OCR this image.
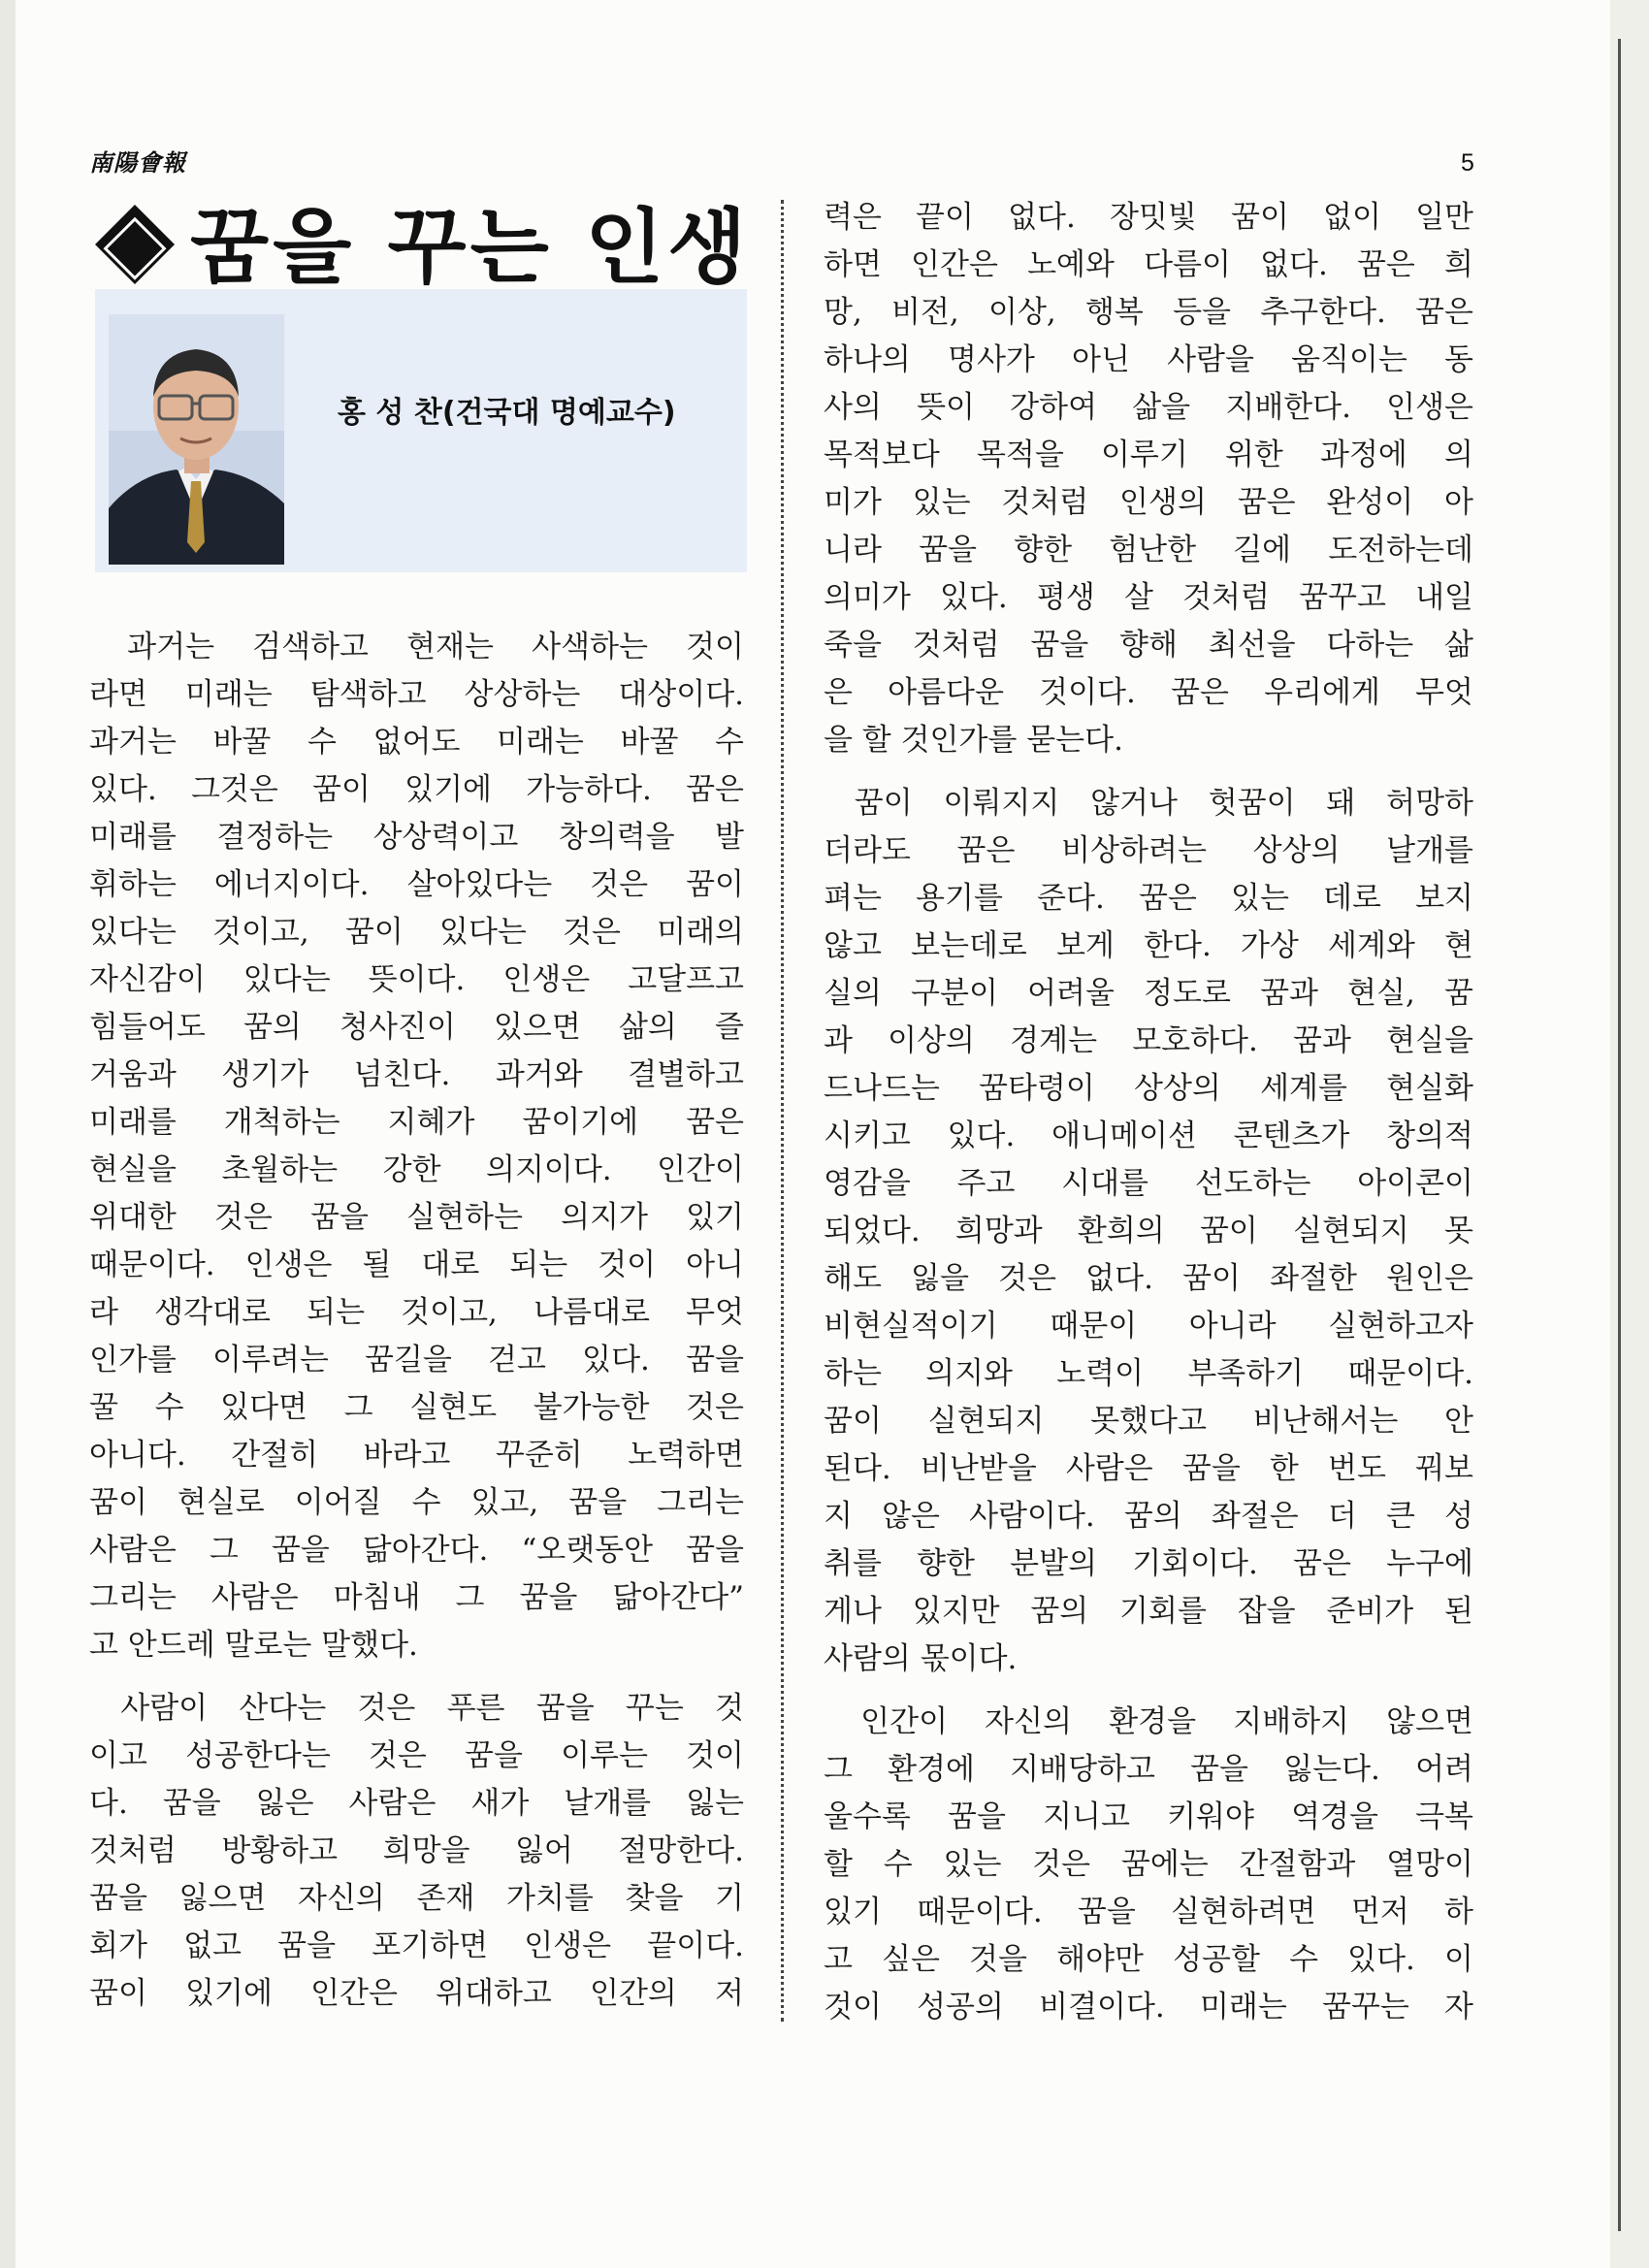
南陽會報	5
꿈을 꾸는 인생
홍 성 찬(건국대 명예교수)
과거는 검색하고 현재는 사색하는 것이
라면 미래는 탐색하고 상상하는 대상이다.
과거는 바꿀 수 없어도 미래는 바꿀 수
있다. 그것은 꿈이 있기에 가능하다. 꿈은
미래를 결정하는 상상력이고 창의력을 발
휘하는 에너지이다. 살아있다는 것은 꿈이
있다는 것이고, 꿈이 있다는 것은 미래의
자신감이 있다는 뜻이다. 인생은 고달프고
힘들어도 꿈의 청사진이 있으면 삶의 즐
거움과 생기가 넘친다. 과거와 결별하고
미래를 개척하는 지혜가 꿈이기에 꿈은
현실을 초월하는 강한 의지이다. 인간이
위대한 것은 꿈을 실현하는 의지가 있기
때문이다. 인생은 될 대로 되는 것이 아니
라 생각대로 되는 것이고, 나름대로 무엇
인가를 이루려는 꿈길을 걷고 있다. 꿈을
꿀 수 있다면 그 실현도 불가능한 것은
아니다. 간절히 바라고 꾸준히 노력하면
꿈이 현실로 이어질 수 있고, 꿈을 그리는
사람은 그 꿈을 닮아간다. “오랫동안 꿈을
그리는 사람은 마침내 그 꿈을 닮아간다”
고 안드레 말로는 말했다.
사람이 산다는 것은 푸른 꿈을 꾸는 것
이고 성공한다는 것은 꿈을 이루는 것이
다. 꿈을 잃은 사람은 새가 날개를 잃는
것처럼 방황하고 희망을 잃어 절망한다.
꿈을 잃으면 자신의 존재 가치를 찾을 기
회가 없고 꿈을 포기하면 인생은 끝이다.
꿈이 있기에 인간은 위대하고 인간의 저
력은 끝이 없다. 장밋빛 꿈이 없이 일만
하면 인간은 노예와 다름이 없다. 꿈은 희
망, 비전, 이상, 행복 등을 추구한다. 꿈은
하나의 명사가 아닌 사람을 움직이는 동
사의 뜻이 강하여 삶을 지배한다. 인생은
목적보다 목적을 이루기 위한 과정에 의
미가 있는 것처럼 인생의 꿈은 완성이 아
니라 꿈을 향한 험난한 길에 도전하는데
의미가 있다. 평생 살 것처럼 꿈꾸고 내일
죽을 것처럼 꿈을 향해 최선을 다하는 삶
은 아름다운 것이다. 꿈은 우리에게 무엇
을 할 것인가를 묻는다.
꿈이 이뤄지지 않거나 헛꿈이 돼 허망하
더라도 꿈은 비상하려는 상상의 날개를
펴는 용기를 준다. 꿈은 있는 데로 보지
않고 보는데로 보게 한다. 가상 세계와 현
실의 구분이 어려울 정도로 꿈과 현실, 꿈
과 이상의 경계는 모호하다. 꿈과 현실을
드나드는 꿈타령이 상상의 세계를 현실화
시키고 있다. 애니메이션 콘텐츠가 창의적
영감을 주고 시대를 선도하는 아이콘이
되었다. 희망과 환희의 꿈이 실현되지 못
해도 잃을 것은 없다. 꿈이 좌절한 원인은
비현실적이기 때문이 아니라 실현하고자
하는 의지와 노력이 부족하기 때문이다.
꿈이 실현되지 못했다고 비난해서는 안
된다. 비난받을 사람은 꿈을 한 번도 꿔보
지 않은 사람이다. 꿈의 좌절은 더 큰 성
취를 향한 분발의 기회이다. 꿈은 누구에
게나 있지만 꿈의 기회를 잡을 준비가 된
사람의 몫이다.
인간이 자신의 환경을 지배하지 않으면
그 환경에 지배당하고 꿈을 잃는다. 어려
울수록 꿈을 지니고 키워야 역경을 극복
할 수 있는 것은 꿈에는 간절함과 열망이
있기 때문이다. 꿈을 실현하려면 먼저 하
고 싶은 것을 해야만 성공할 수 있다. 이
것이 성공의 비결이다. 미래는 꿈꾸는 자
